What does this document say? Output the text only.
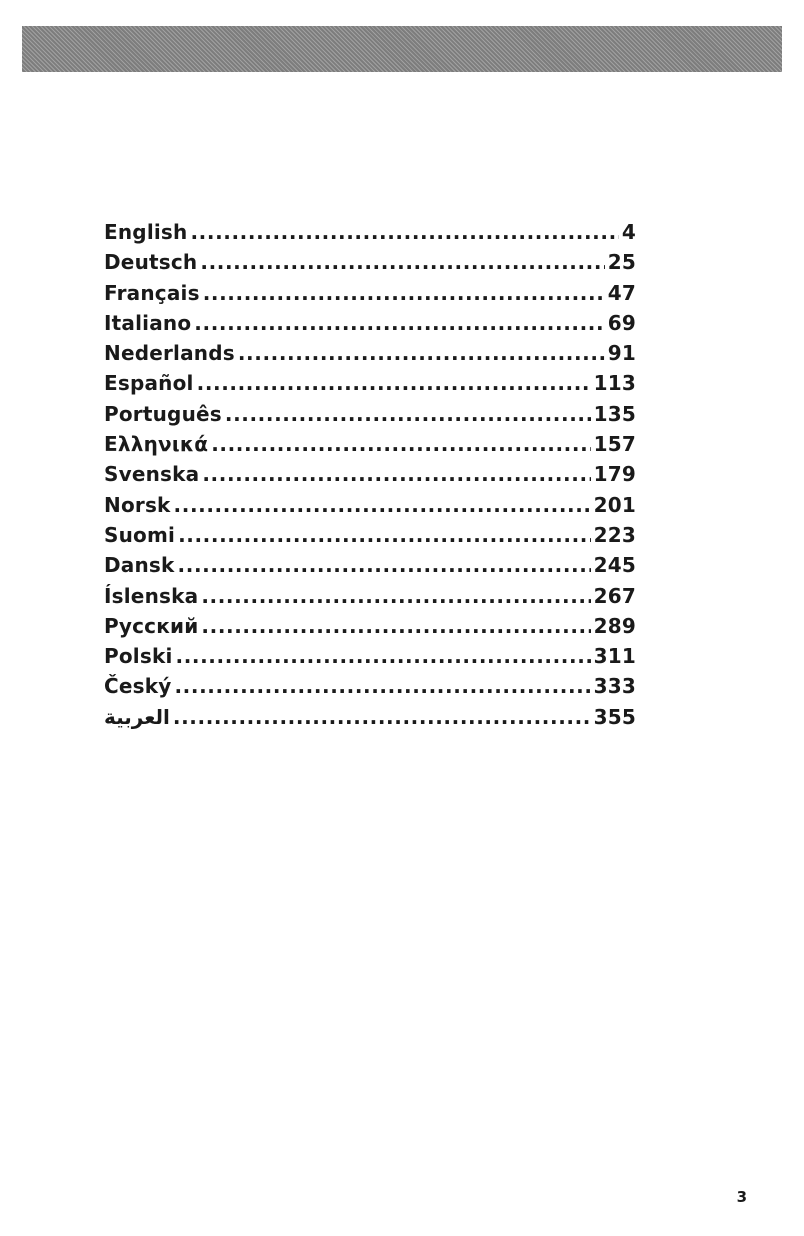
English .....	4
Deutsch .....	25
Français .....	47
Italiano .....	69
Nederlands .....	91
Español .....	113
Português .....	135
Ελληνικά .....	157
Svenska .....	179
Norsk .....	201
Suomi .....	223
Dansk .....	245
Íslenska .....	267
Русский .....	289
Polski .....	311
Český .....	333
العربية .....	355
3
